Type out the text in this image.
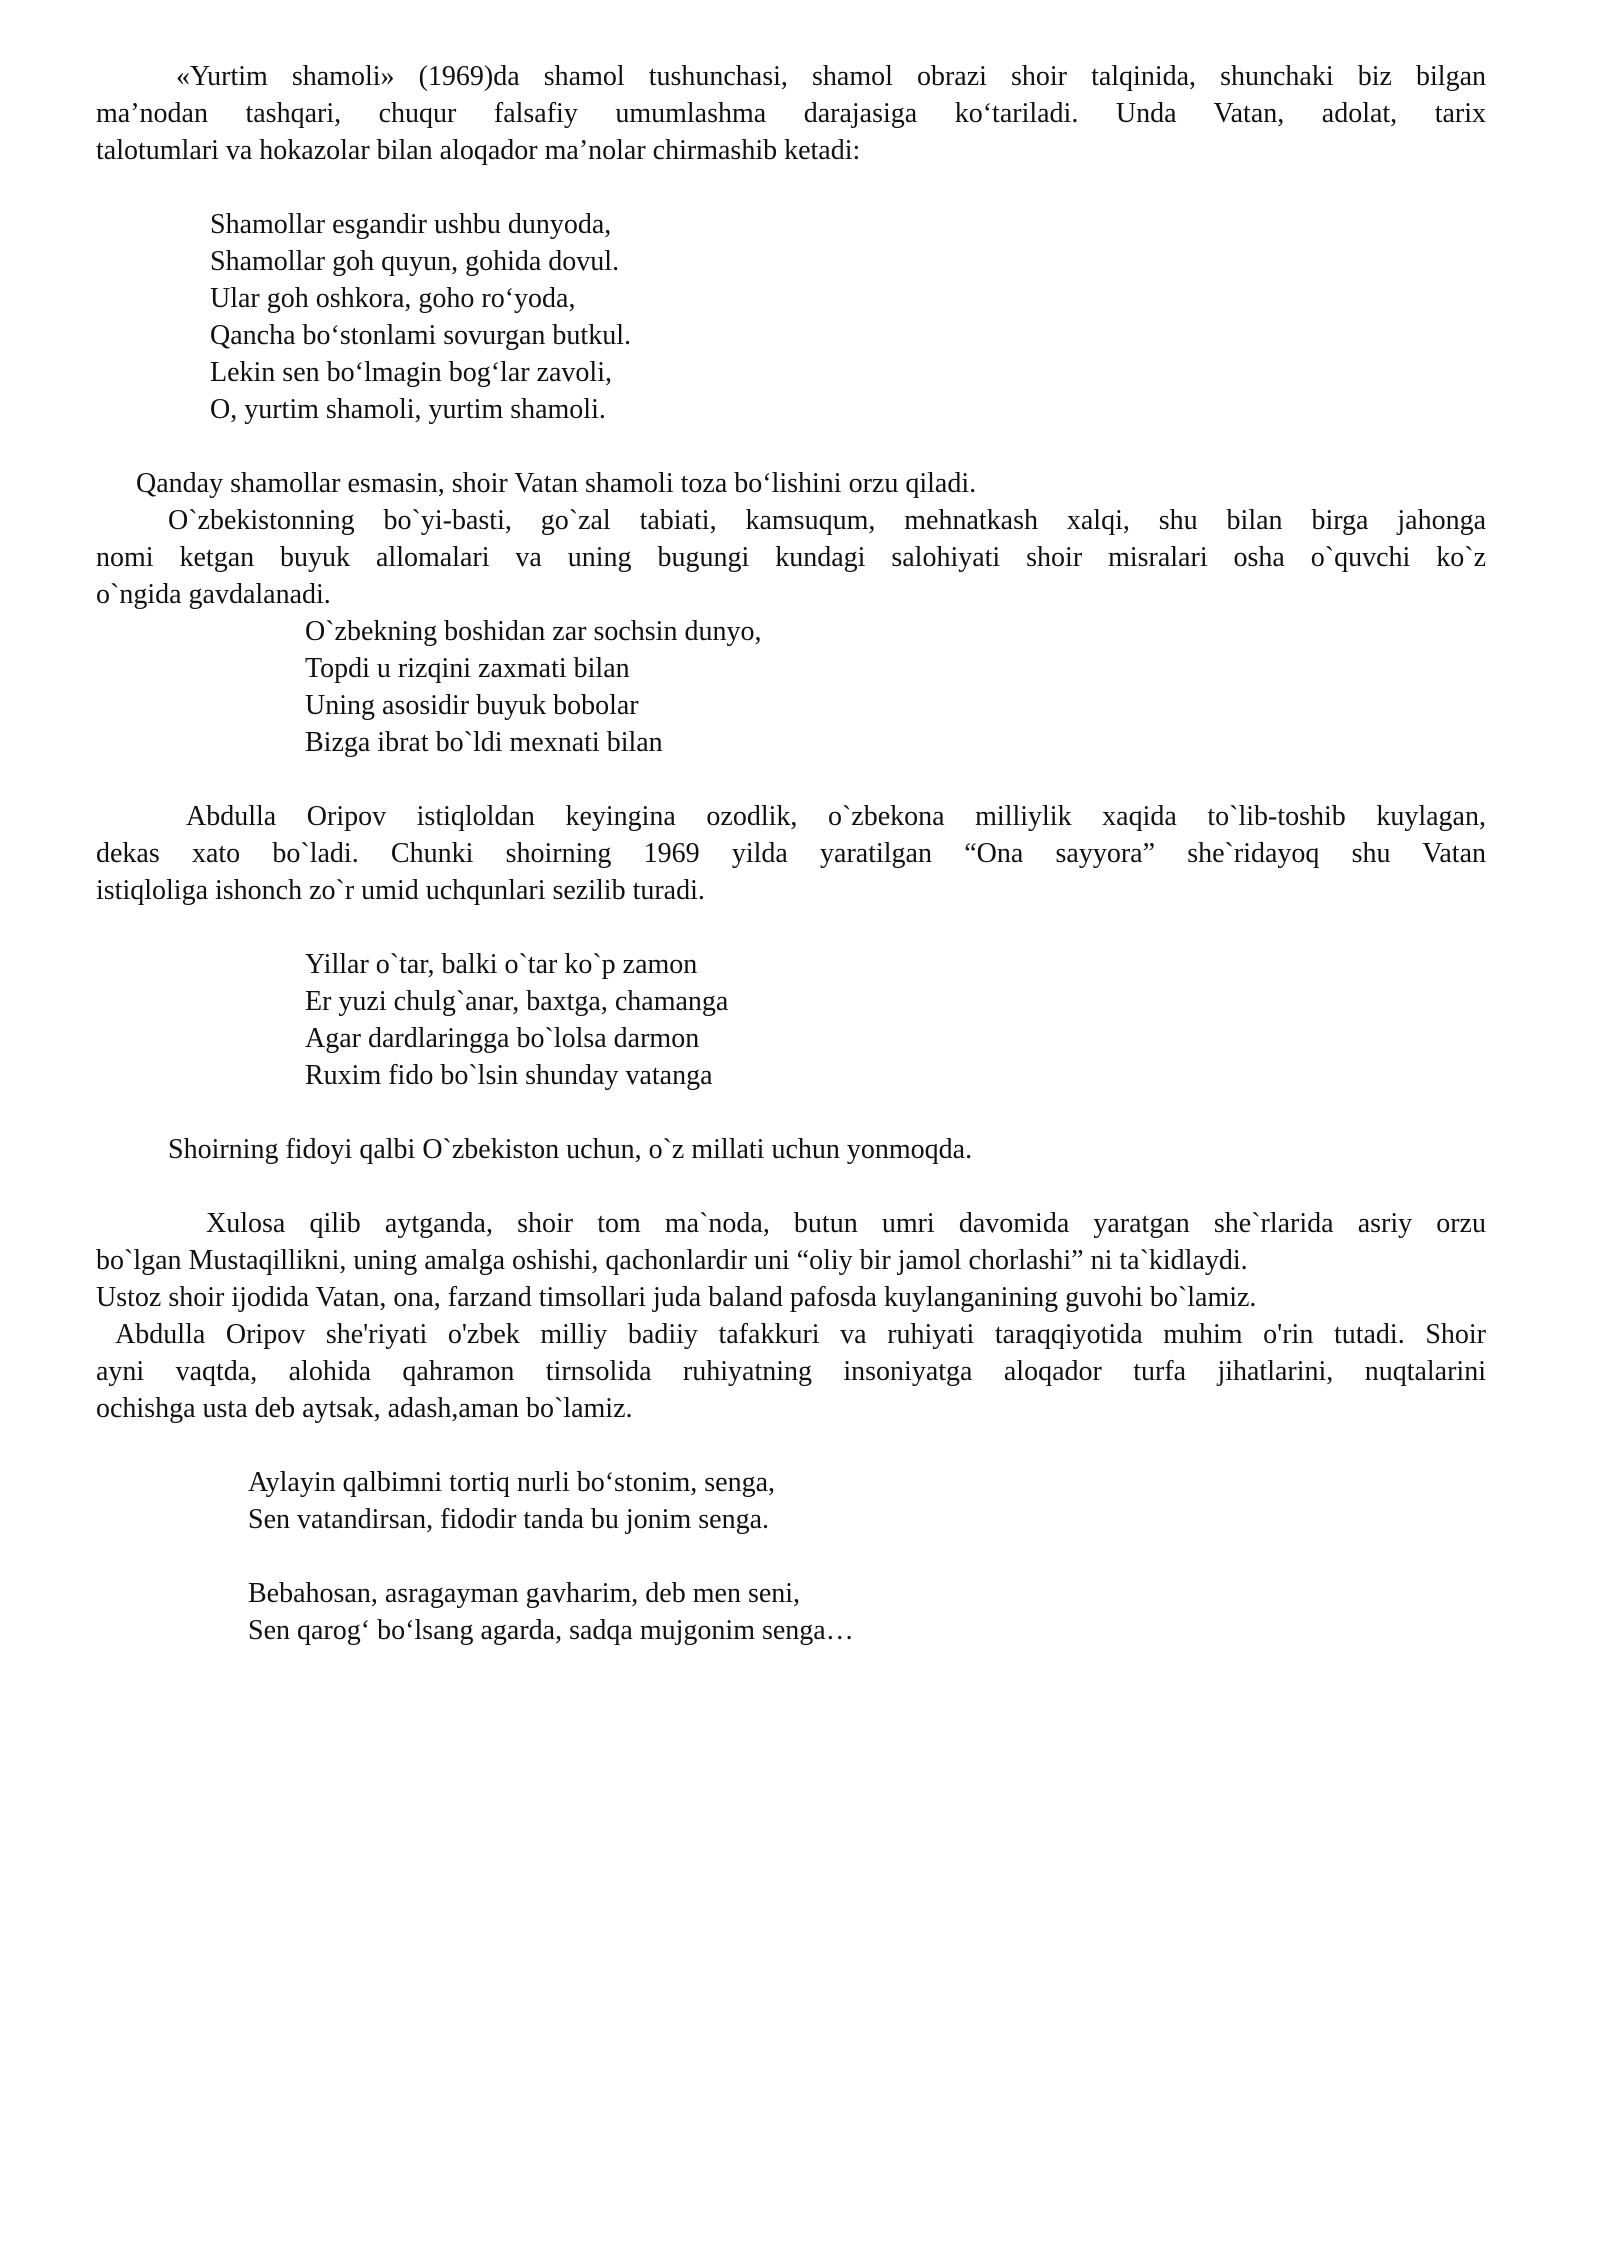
«Yurtim shamoli» (1969)da shamol tushunchasi, shamol obrazi shoir talqinida, shunchaki biz bilgan
ma’nodan tashqari, chuqur falsafiy umumlashma darajasiga ko‘tariladi. Unda Vatan, adolat, tarix
talotumlari va hokazolar bilan aloqador ma’nolar chirmashib ketadi:
Shamollar esgandir ushbu dunyoda,
Shamollar goh quyun, gohida dovul.
Ular goh oshkora, goho ro‘yoda,
Qancha bo‘stonlami sovurgan butkul.
Lekin sen bo‘lmagin bog‘lar zavoli,
O, yurtim shamoli, yurtim shamoli.
Qanday shamollar esmasin, shoir Vatan shamoli toza bo‘lishini orzu qiladi.
O`zbekistonning bo`yi-basti, go`zal tabiati, kamsuqum, mehnatkash xalqi, shu bilan birga jahonga
nomi ketgan buyuk allomalari va uning bugungi kundagi salohiyati shoir misralari osha o`quvchi ko`z
o`ngida gavdalanadi.
O`zbekning boshidan zar sochsin dunyo,
Topdi u rizqini zaxmati bilan
Uning asosidir buyuk bobolar
Bizga ibrat bo`ldi mexnati bilan
Abdulla Oripov istiqloldan keyingina ozodlik, o`zbekona milliylik xaqida to`lib-toshib kuylagan,
dekas xato bo`ladi. Chunki shoirning 1969 yilda yaratilgan “Ona sayyora” she`ridayoq shu Vatan
istiqloliga ishonch zo`r umid uchqunlari sezilib turadi.
Yillar o`tar, balki o`tar ko`p zamon
Er yuzi chulg`anar, baxtga, chamanga
Agar dardlaringga bo`lolsa darmon
Ruxim fido bo`lsin shunday vatanga
Shoirning fidoyi qalbi O`zbekiston uchun, o`z millati uchun yonmoqda.
Xulosa qilib aytganda, shoir tom ma`noda, butun umri davomida yaratgan she`rlarida asriy orzu
bo`lgan Mustaqillikni, uning amalga oshishi, qachonlardir uni “oliy bir jamol chorlashi” ni ta`kidlaydi.
Ustoz shoir ijodida Vatan, ona, farzand timsollari juda baland pafosda kuylanganining guvohi bo`lamiz.
Abdulla Oripov she'riyati o'zbek milliy badiiy tafakkuri va ruhiyati taraqqiyotida muhim o'rin tutadi. Shoir
ayni vaqtda, alohida qahramon tirnsolida ruhiyatning insoniyatga aloqador turfa jihatlarini, nuqtalarini
ochishga usta deb aytsak, adash,aman bo`lamiz.
Aylayin qalbimni tortiq nurli bo‘stonim, senga,
Sen vatandirsan, fidodir tanda bu jonim senga.
Bebahosan, asragayman gavharim, deb men seni,
Sen qarog‘ bo‘lsang agarda, sadqa mujgonim senga…
